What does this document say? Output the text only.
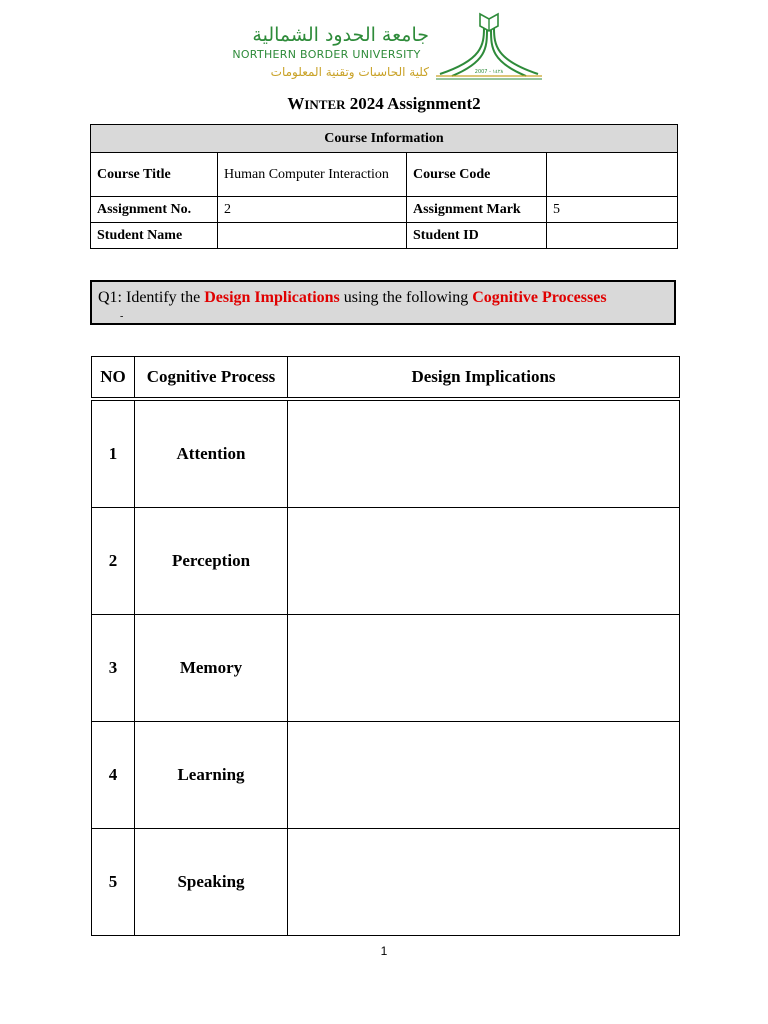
جامعة الحدود الشمالية
NORTHERN BORDER UNIVERSITY
كلية الحاسبات وتقنية المعلومات	2007 - ١٤٢٨
WINTER 2024 Assignment2
Course Information			
Course Title	Human Computer Interaction	Course Code	
Assignment No.	2	Assignment Mark	5
Student Name		Student ID	
Q1: Identify the Design Implications using the following Cognitive Processes
-
NO	Cognitive Process	Design Implications
1	Attention	
2	Perception	
3	Memory	
4	Learning	
5	Speaking	
1
